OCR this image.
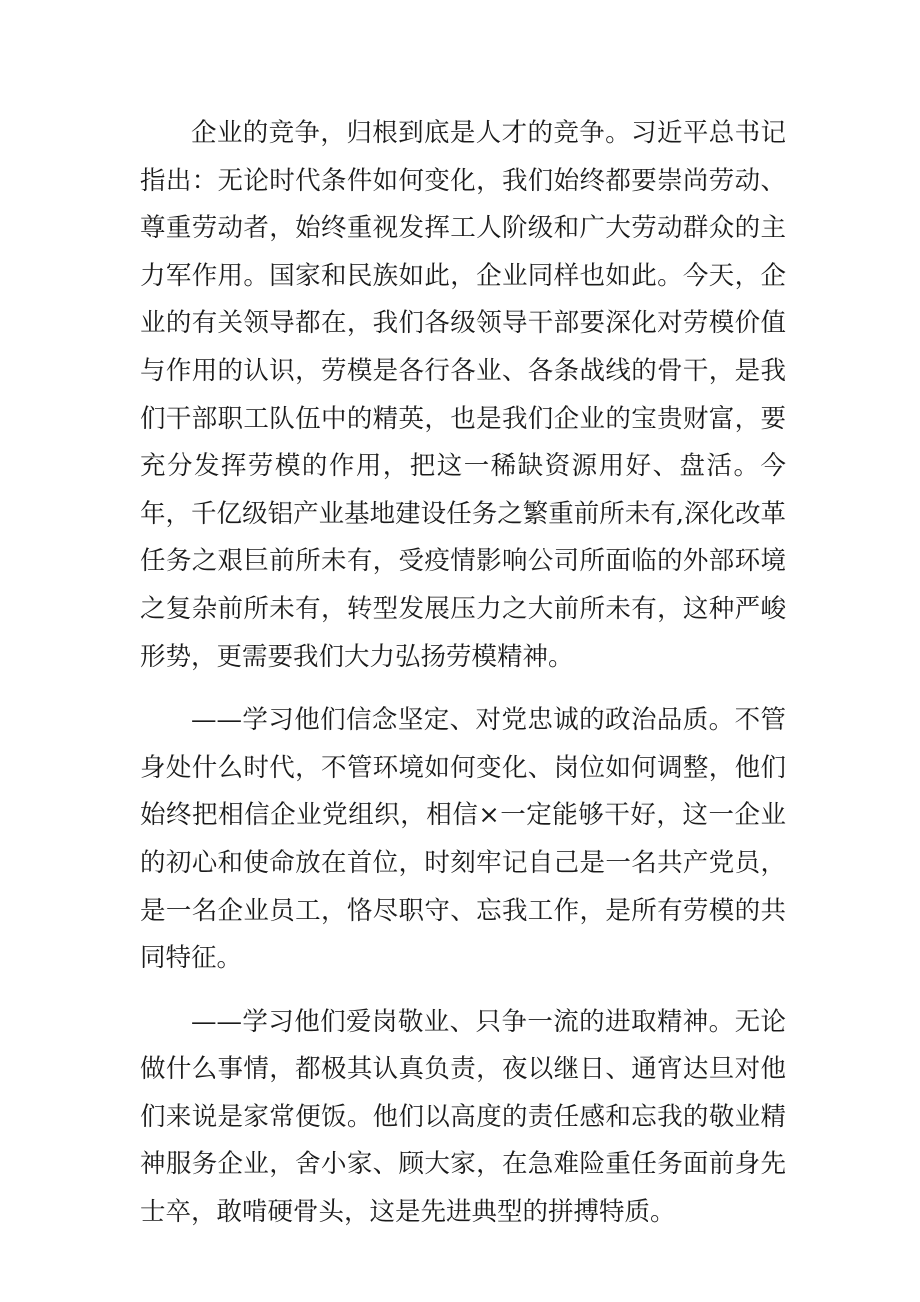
企业的竞争，归根到底是人才的竞争。习近平总书记指出：无论时代条件如何变化，我们始终都要崇尚劳动、尊重劳动者，始终重视发挥工人阶级和广大劳动群众的主力军作用。国家和民族如此，企业同样也如此。今天，企业的有关领导都在，我们各级领导干部要深化对劳模价值与作用的认识，劳模是各行各业、各条战线的骨干，是我们干部职工队伍中的精英，也是我们企业的宝贵财富，要充分发挥劳模的作用，把这一稀缺资源用好、盘活。今年，千亿级铝产业基地建设任务之繁重前所未有,深化改革任务之艰巨前所未有，受疫情影响公司所面临的外部环境之复杂前所未有，转型发展压力之大前所未有，这种严峻形势，更需要我们大力弘扬劳模精神。

——学习他们信念坚定、对党忠诚的政治品质。不管身处什么时代，不管环境如何变化、岗位如何调整，他们始终把相信企业党组织，相信×一定能够干好，这一企业的初心和使命放在首位，时刻牢记自己是一名共产党员，是一名企业员工，恪尽职守、忘我工作，是所有劳模的共同特征。

——学习他们爱岗敬业、只争一流的进取精神。无论做什么事情，都极其认真负责，夜以继日、通宵达旦对他们来说是家常便饭。他们以高度的责任感和忘我的敬业精神服务企业，舍小家、顾大家，在急难险重任务面前身先士卒，敢啃硬骨头，这是先进典型的拼搏特质。
